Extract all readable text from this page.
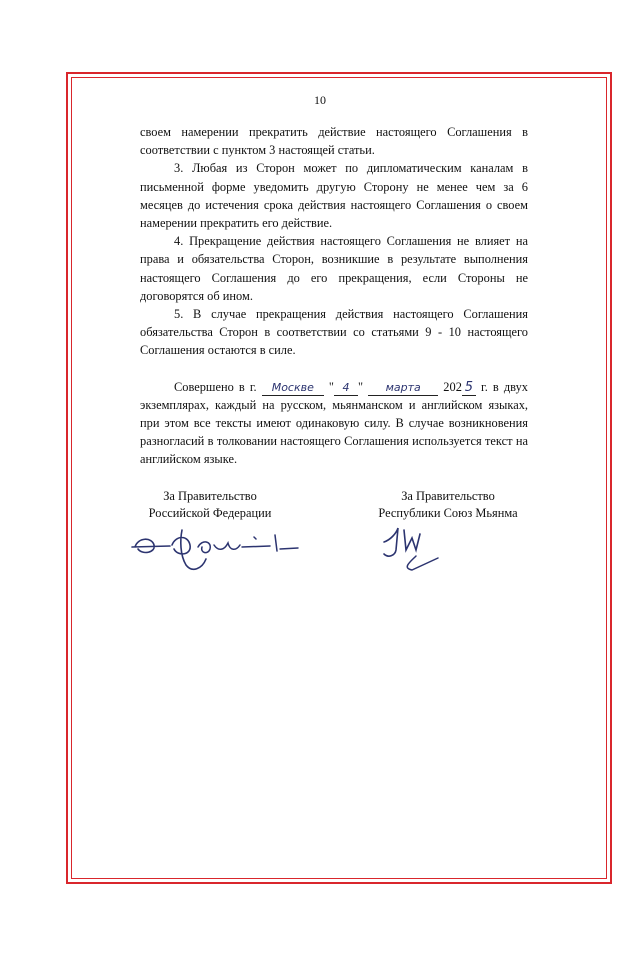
10

своем намерении прекратить действие настоящего Соглашения в соответствии с пунктом 3 настоящей статьи.

3. Любая из Сторон может по дипломатическим каналам в письменной форме уведомить другую Сторону не менее чем за 6 месяцев до истечения срока действия настоящего Соглашения о своем намерении прекратить его действие.

4. Прекращение действия настоящего Соглашения не влияет на права и обязательства Сторон, возникшие в результате выполнения настоящего Соглашения до его прекращения, если Стороны не договорятся об ином.

5. В случае прекращения действия настоящего Соглашения обязательства Сторон в соответствии со статьями 9 - 10 настоящего Соглашения остаются в силе.

Совершено в г. Москве " 4 " марта 202 5 г. в двух экземплярах, каждый на русском, мьянманском и английском языках, при этом все тексты имеют одинаковую силу. В случае возникновения разногласий в толковании настоящего Соглашения используется текст на английском языке.

За Правительство
Российской Федерации
За Правительство
Республики Союз Мьянма
